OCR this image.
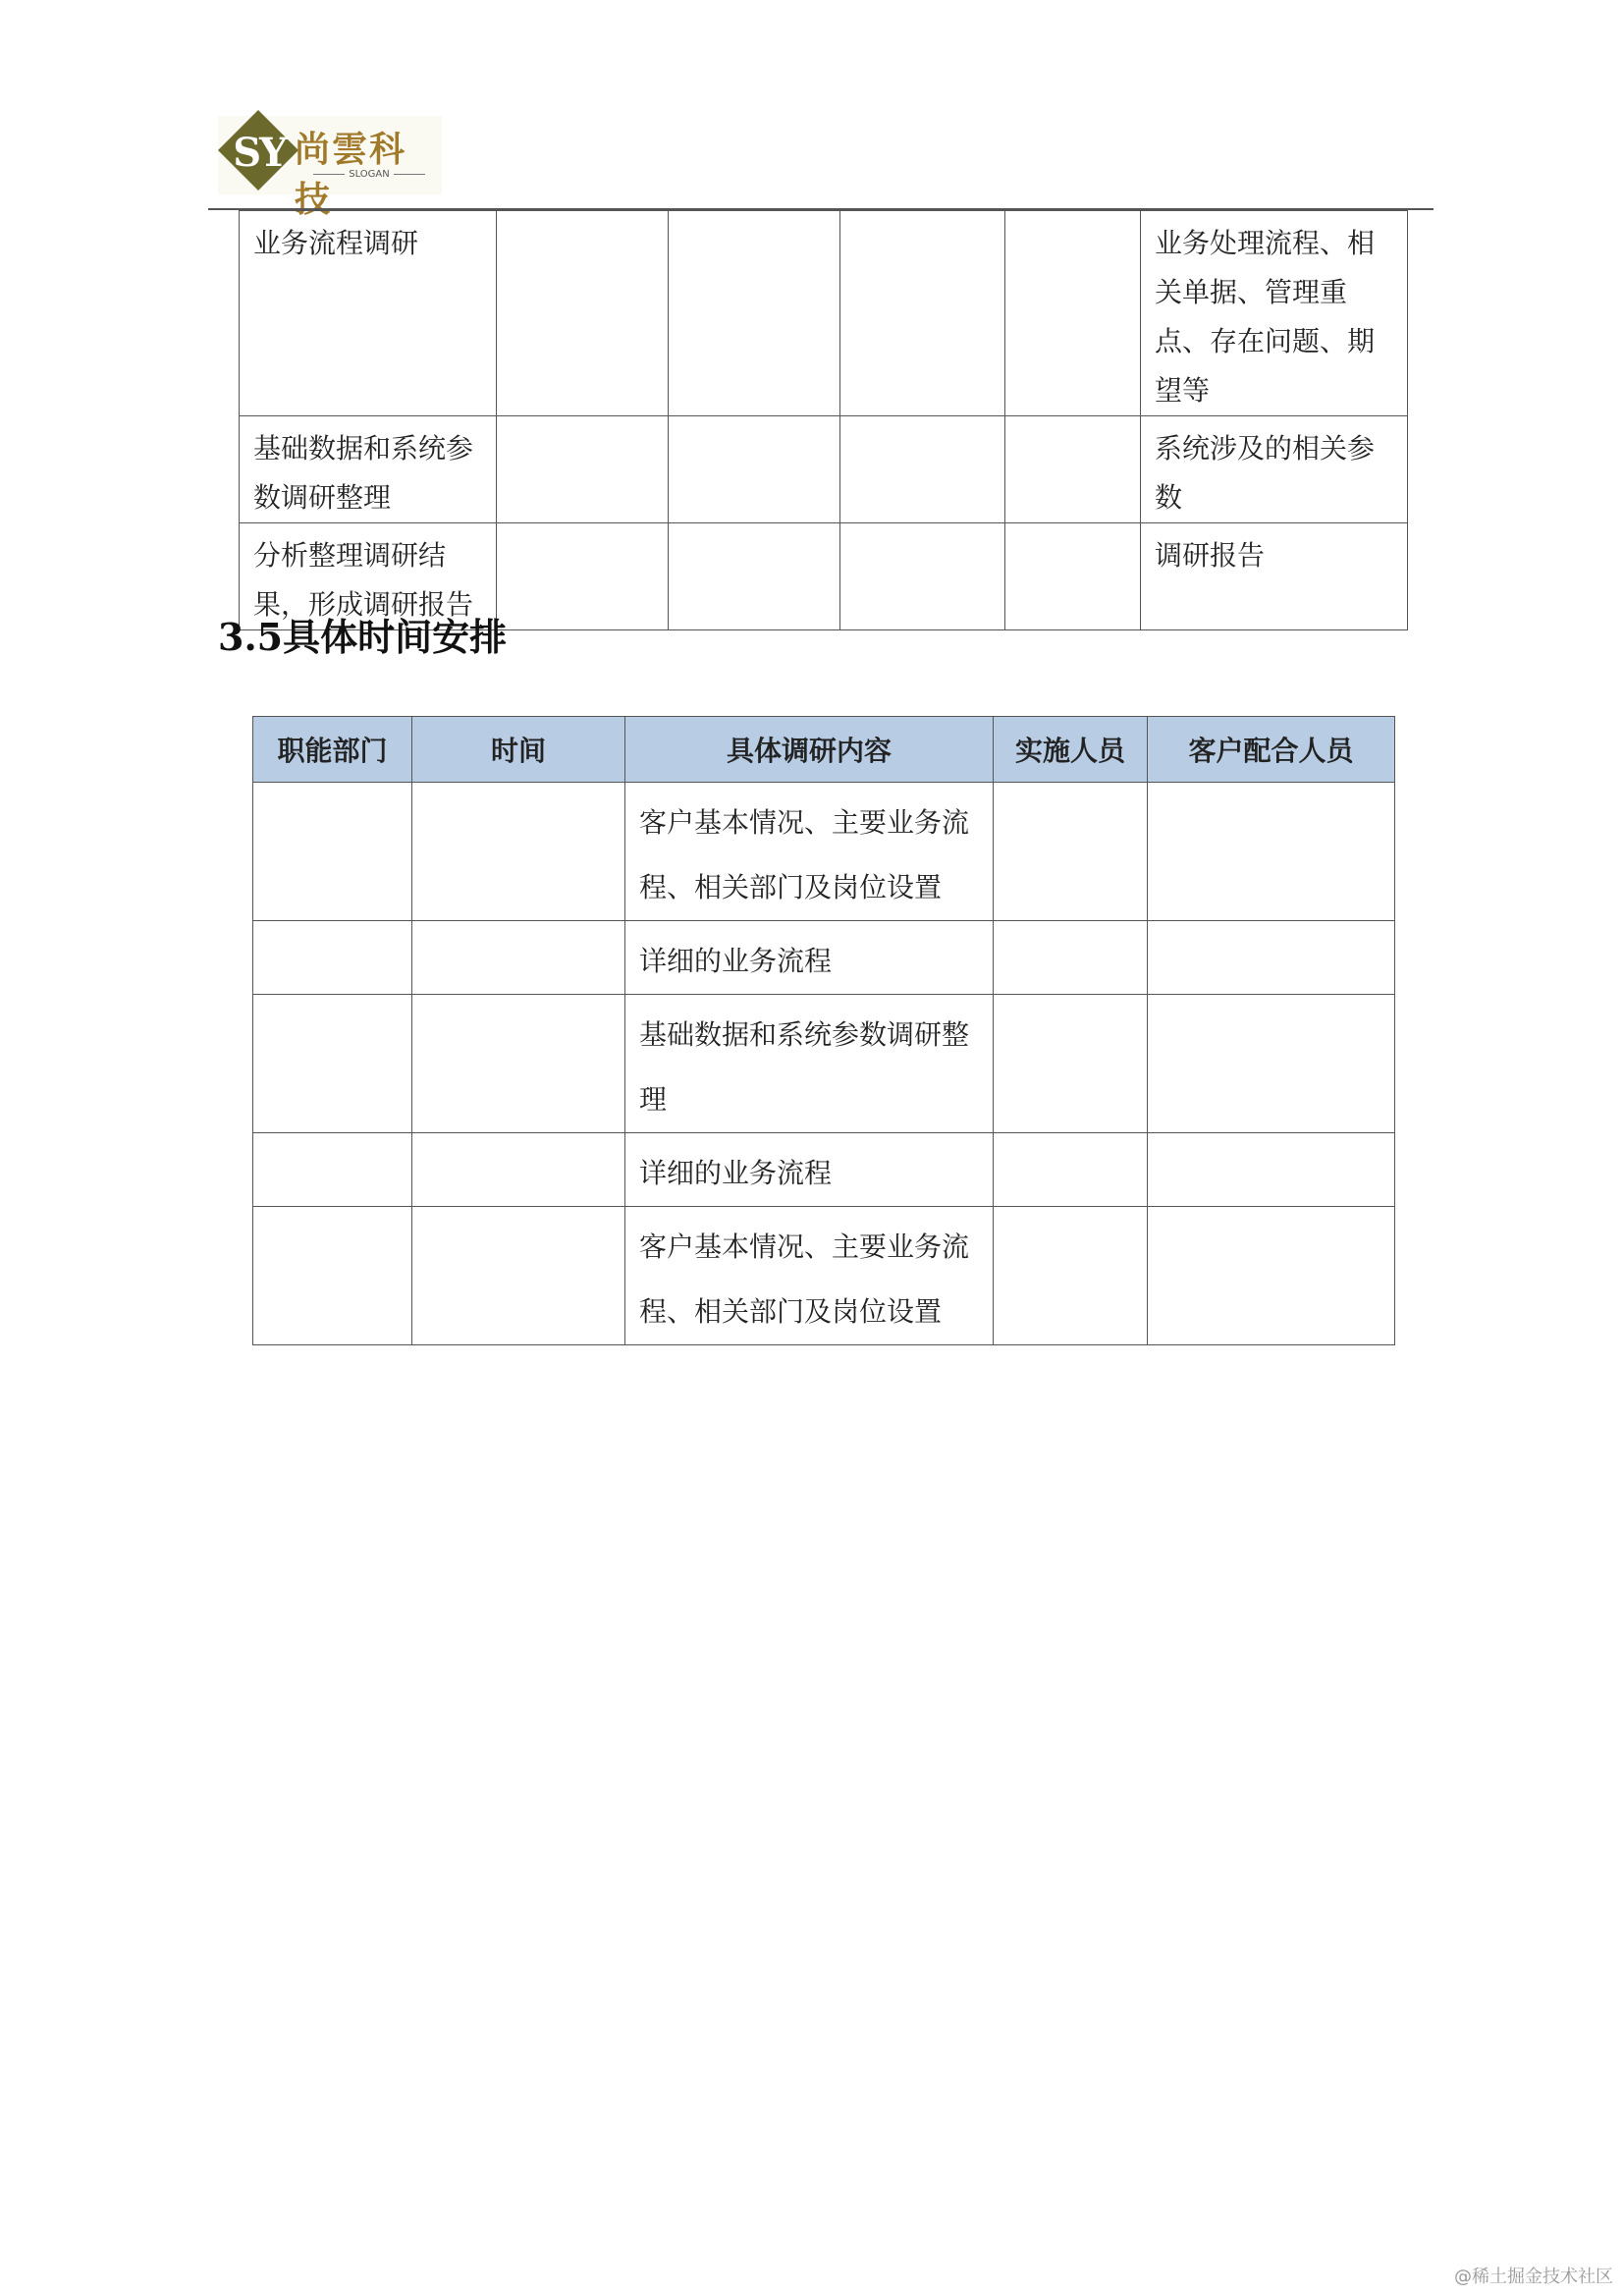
SY 尚雲科技
SLOGAN
业务流程调研					业务处理流程、相关单据、管理重点、存在问题、期望等
基础数据和系统参数调研整理					系统涉及的相关参数
分析整理调研结果，形成调研报告					调研报告
3.5具体时间安排
职能部门	时间	具体调研内容	实施人员	客户配合人员
		客户基本情况、主要业务流程、相关部门及岗位设置		
		详细的业务流程		
		基础数据和系统参数调研整理		
		详细的业务流程		
		客户基本情况、主要业务流程、相关部门及岗位设置		
@稀土掘金技术社区
